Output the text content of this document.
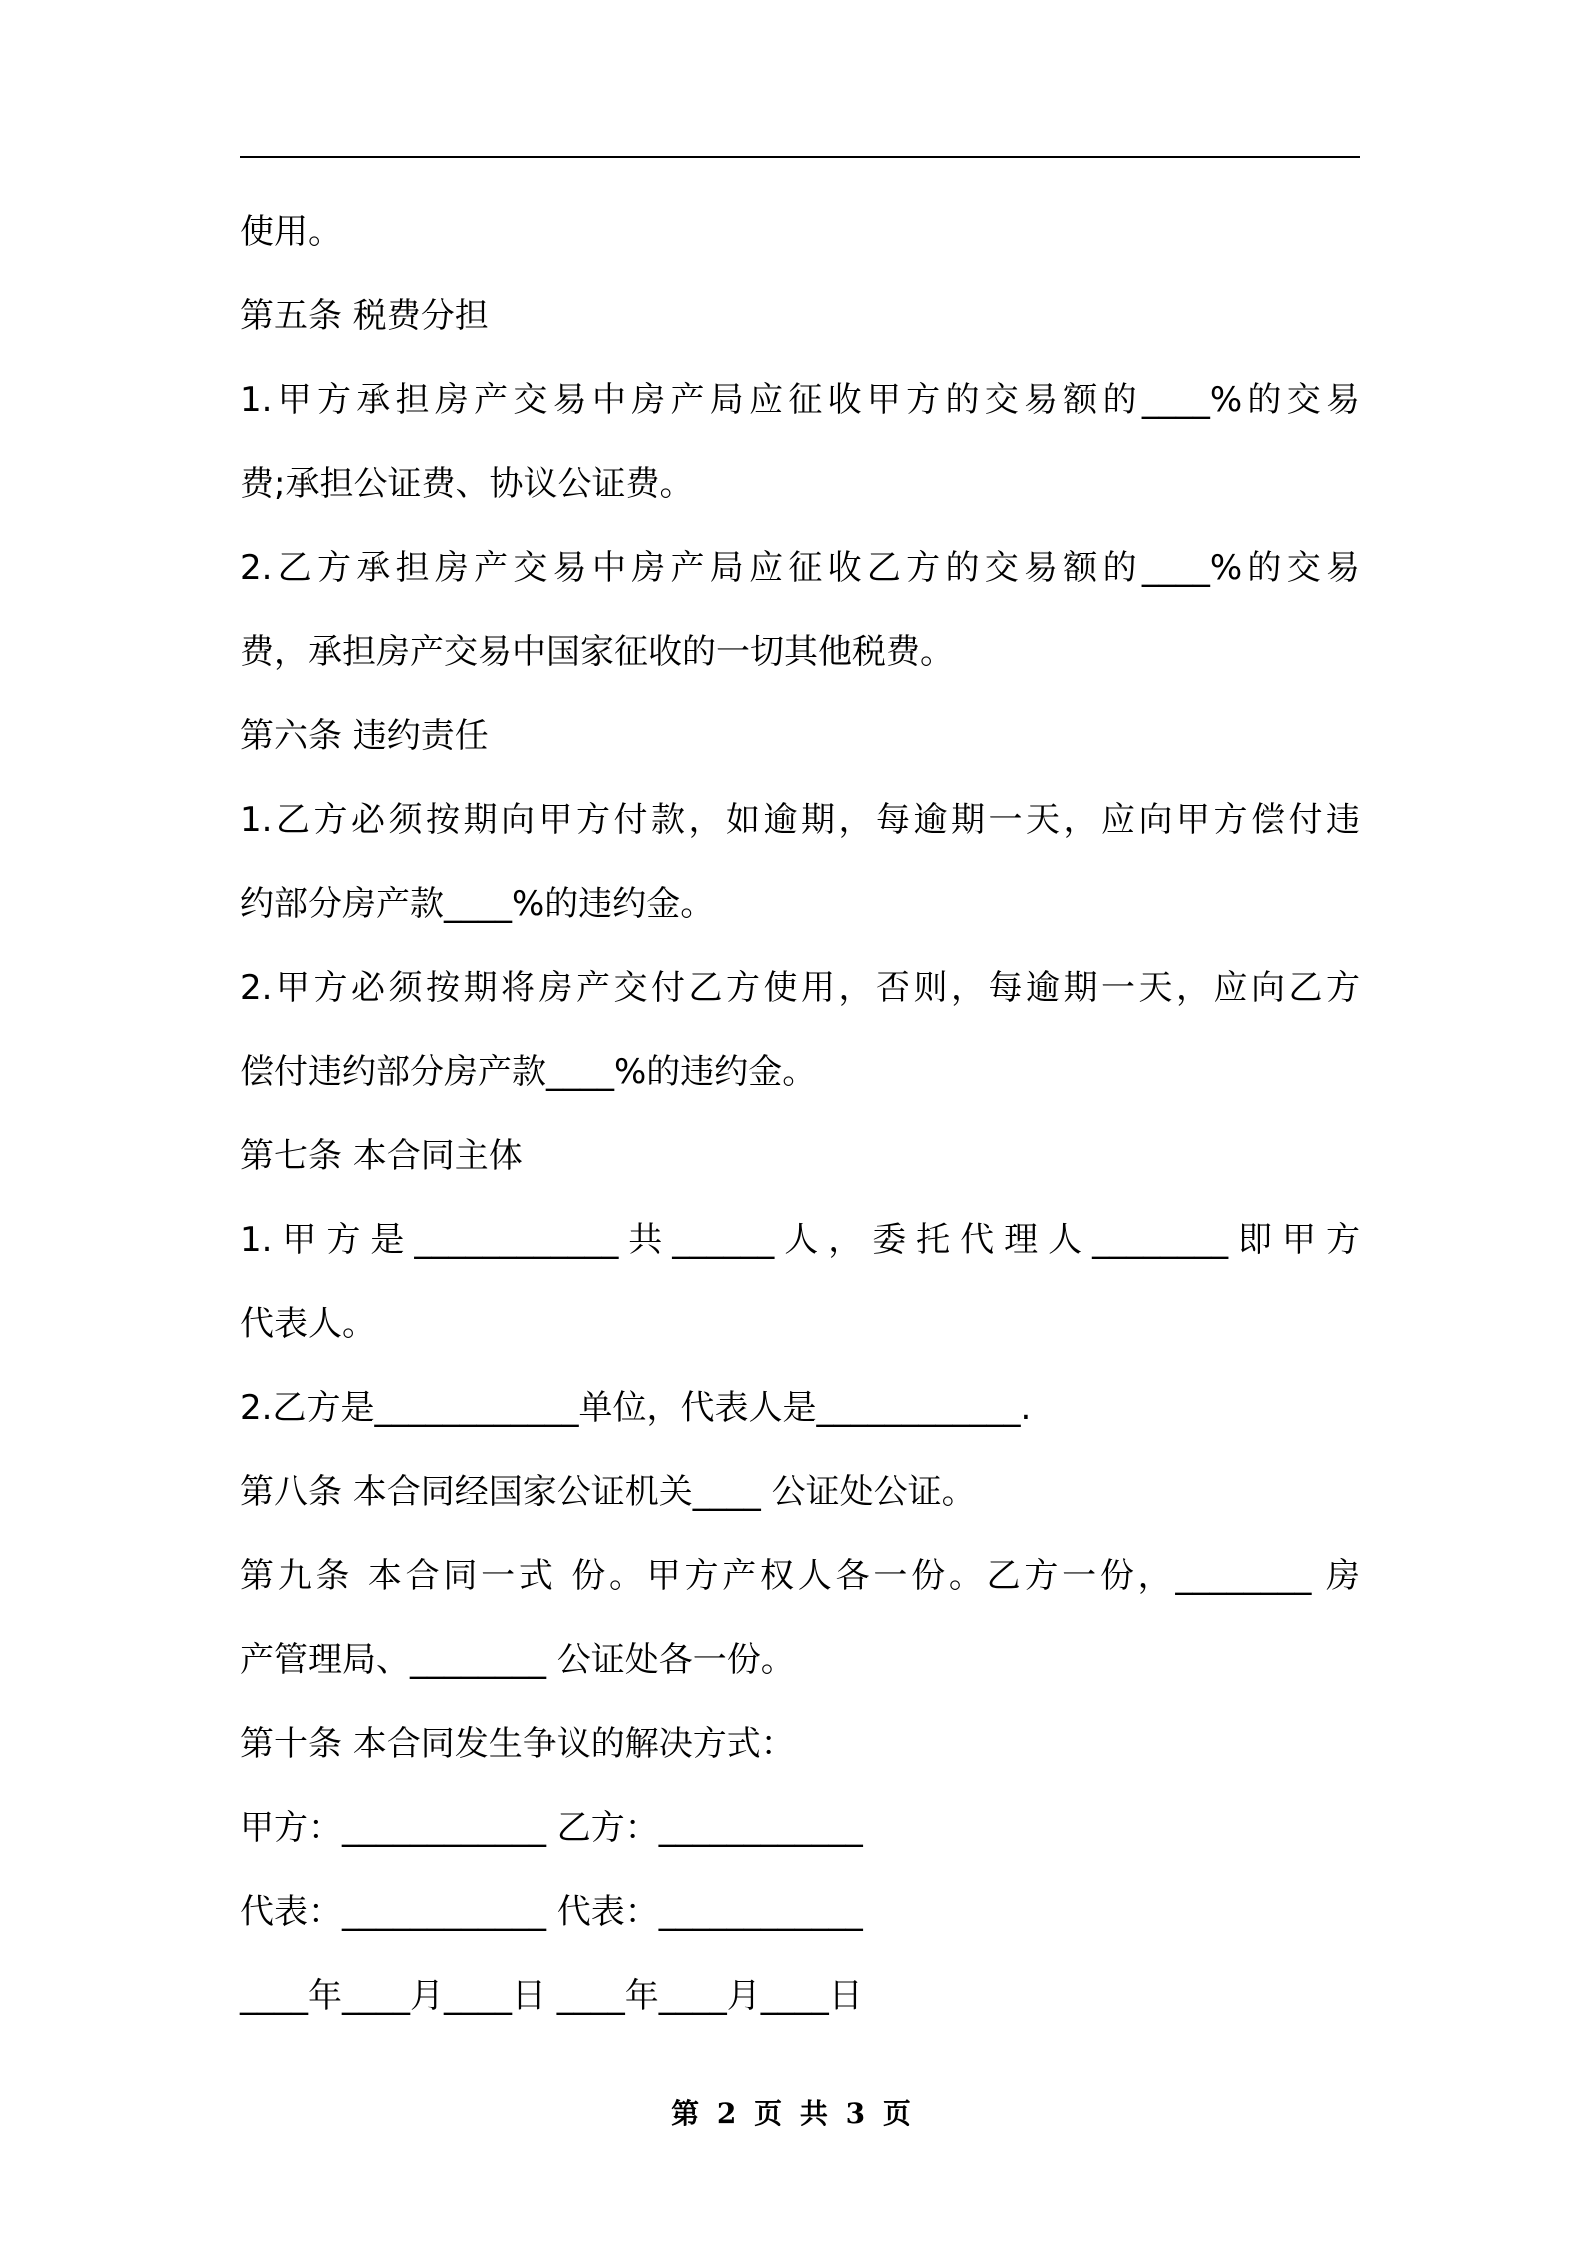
使用。

第五条 税费分担

1.甲方承担房产交易中房产局应征收甲方的交易额的____%的交易

费;承担公证费、协议公证费。

2.乙方承担房产交易中房产局应征收乙方的交易额的____%的交易

费，承担房产交易中国家征收的一切其他税费。

第六条 违约责任

1.乙方必须按期向甲方付款，如逾期，每逾期一天，应向甲方偿付违

约部分房产款____%的违约金。

2.甲方必须按期将房产交付乙方使用，否则，每逾期一天，应向乙方

偿付违约部分房产款____%的违约金。

第七条 本合同主体

1.甲方是____________共______人，委托代理人________即甲方

代表人。

2.乙方是____________单位，代表人是____________.

第八条 本合同经国家公证机关____ 公证处公证。

第九条 本合同一式 份。甲方产权人各一份。乙方一份，________ 房

产管理局、________ 公证处各一份。

第十条 本合同发生争议的解决方式：

甲方：____________ 乙方：____________

代表：____________ 代表：____________

____年____月____日 ____年____月____日

第 2 页 共 3 页
